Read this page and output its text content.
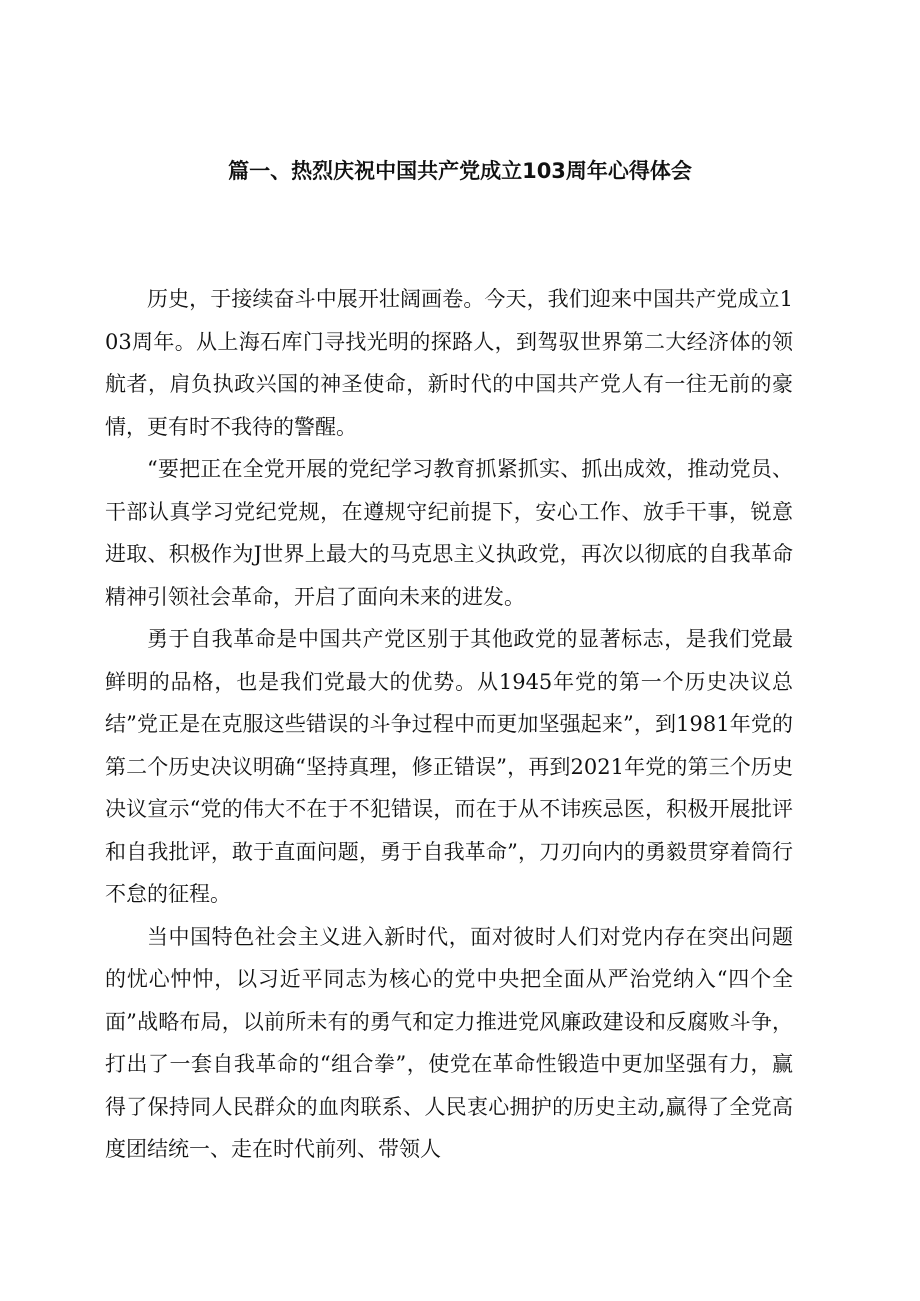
篇一、热烈庆祝中国共产党成立103周年心得体会

历史，于接续奋斗中展开壮阔画卷。今天，我们迎来中国共产党成立103周年。从上海石库门寻找光明的探路人，到驾驭世界第二大经济体的领航者，肩负执政兴国的神圣使命，新时代的中国共产党人有一往无前的豪情，更有时不我待的警醒。

“要把正在全党开展的党纪学习教育抓紧抓实、抓出成效，推动党员、干部认真学习党纪党规，在遵规守纪前提下，安心工作、放手干事，锐意进取、积极作为J世界上最大的马克思主义执政党，再次以彻底的自我革命精神引领社会革命，开启了面向未来的进发。

勇于自我革命是中国共产党区别于其他政党的显著标志，是我们党最鲜明的品格，也是我们党最大的优势。从1945年党的第一个历史决议总结”党正是在克服这些错误的斗争过程中而更加坚强起来”，到1981年党的第二个历史决议明确“坚持真理，修正错误”，再到2021年党的第三个历史决议宣示“党的伟大不在于不犯错误，而在于从不讳疾忌医，积极开展批评和自我批评，敢于直面问题，勇于自我革命”，刀刃向内的勇毅贯穿着筒行不怠的征程。

当中国特色社会主义进入新时代，面对彼时人们对党内存在突出问题的忧心忡忡，以习近平同志为核心的党中央把全面从严治党纳入“四个全面”战略布局，以前所未有的勇气和定力推进党风廉政建设和反腐败斗争，打出了一套自我革命的“组合拳”，使党在革命性锻造中更加坚强有力，赢得了保持同人民群众的血肉联系、人民衷心拥护的历史主动,赢得了全党高度团结统一、走在时代前列、带领人
